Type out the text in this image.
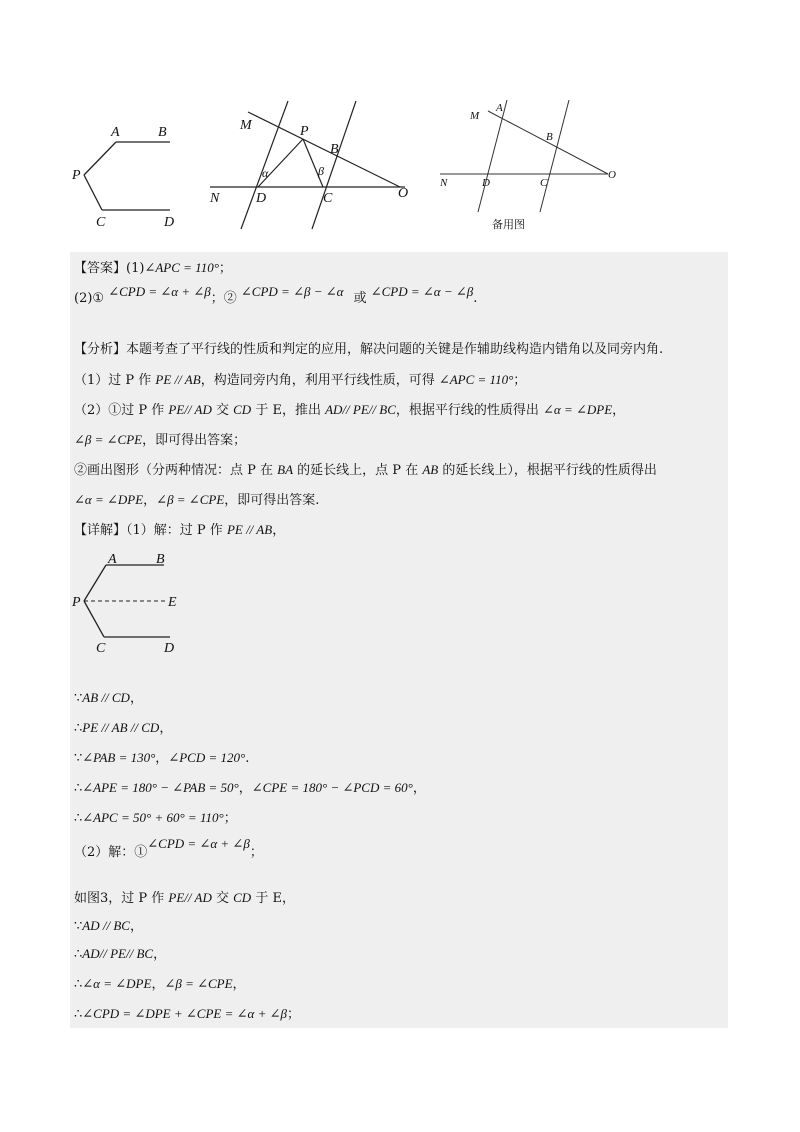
A	B
P
C	D
M	P
B
α	β
N	D	C	O
A
M
B
N	D	C
O
备用图
【答案】(1)∠APC = 110°；
(2)① ∠CPD = ∠α + ∠β；② ∠CPD = ∠β − ∠α 或 ∠CPD = ∠α − ∠β.
【分析】本题考查了平行线的性质和判定的应用，解决问题的关键是作辅助线构造内错角以及同旁内角.
（1）过 P 作 PE // AB，构造同旁内角，利用平行线性质，可得 ∠APC = 110°；
（2）①过 P 作 PE// AD 交 CD 于 E，推出 AD// PE// BC，根据平行线的性质得出 ∠α = ∠DPE，
∠β = ∠CPE，即可得出答案；
②画出图形（分两种情况：点 P 在 BA 的延长线上，点 P 在 AB 的延长线上），根据平行线的性质得出
∠α = ∠DPE，∠β = ∠CPE，即可得出答案.
【详解】（1）解：过 P 作 PE // AB，
A	B
P	E
C	D
∵AB // CD，
∴PE // AB // CD，
∵∠PAB = 130°，∠PCD = 120°.
∴∠APE = 180° − ∠PAB = 50°，∠CPE = 180° − ∠PCD = 60°，
∴∠APC = 50° + 60° = 110°；
（2）解：①∠CPD = ∠α + ∠β；
如图3，过 P 作 PE// AD 交 CD 于 E，
∵AD // BC，
∴AD// PE// BC，
∴∠α = ∠DPE，∠β = ∠CPE，
∴∠CPD = ∠DPE + ∠CPE = ∠α + ∠β；
